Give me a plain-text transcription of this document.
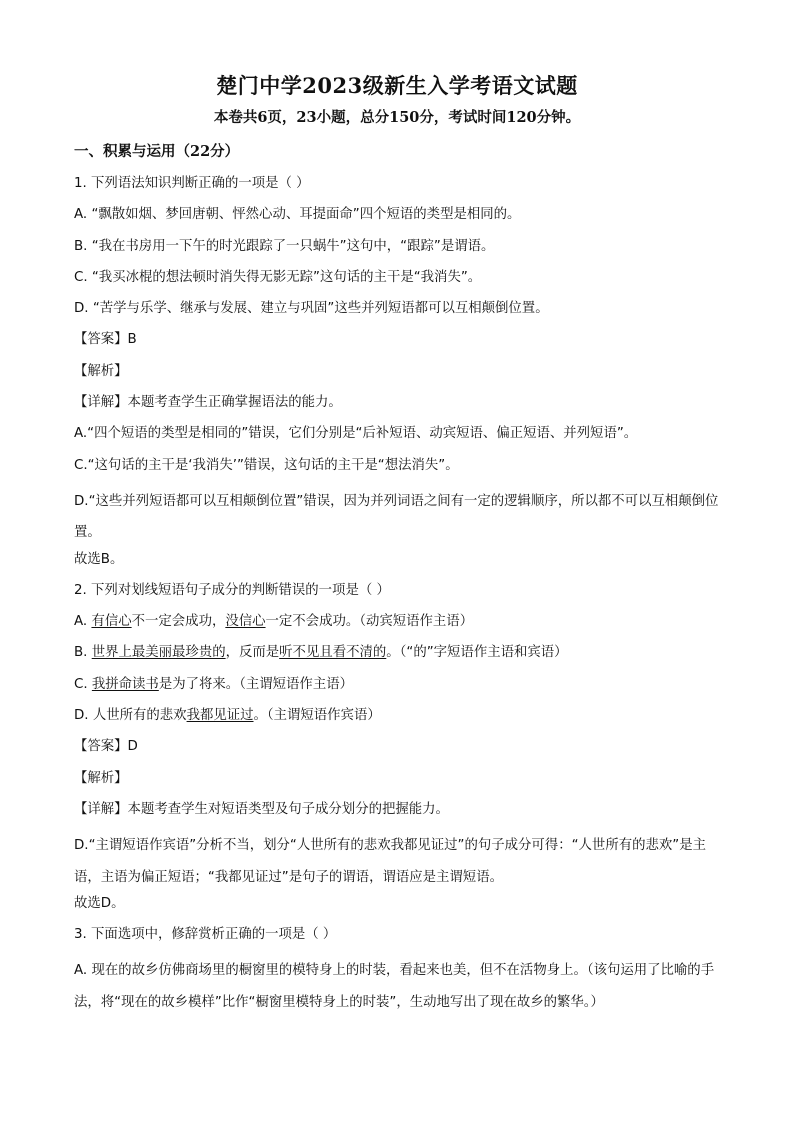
楚门中学2023级新生入学考语文试题
本卷共6页，23小题，总分150分，考试时间120分钟。
一、积累与运用（22分）
1. 下列语法知识判断正确的一项是（ ）
A. “飘散如烟、梦回唐朝、怦然心动、耳提面命”四个短语的类型是相同的。
B. “我在书房用一下午的时光跟踪了一只蜗牛”这句中，“跟踪”是谓语。
C. “我买冰棍的想法顿时消失得无影无踪”这句话的主干是“我消失”。
D. “苦学与乐学、继承与发展、建立与巩固”这些并列短语都可以互相颠倒位置。
【答案】B
【解析】
【详解】本题考查学生正确掌握语法的能力。
A.“四个短语的类型是相同的”错误，它们分别是“后补短语、动宾短语、偏正短语、并列短语”。
C.“这句话的主干是‘我消失’”错误，这句话的主干是“想法消失”。
D.“这些并列短语都可以互相颠倒位置”错误，因为并列词语之间有一定的逻辑顺序，所以都不可以互相颠倒位置。
故选B。
2. 下列对划线短语句子成分的判断错误的一项是（ ）
A. 有信心不一定会成功，没信心一定不会成功。（动宾短语作主语）
B. 世界上最美丽最珍贵的，反而是听不见且看不清的。（“的”字短语作主语和宾语）
C. 我拼命读书是为了将来。（主谓短语作主语）
D. 人世所有的悲欢我都见证过。（主谓短语作宾语）
【答案】D
【解析】
【详解】本题考查学生对短语类型及句子成分划分的把握能力。
D.“主谓短语作宾语”分析不当，划分“人世所有的悲欢我都见证过”的句子成分可得：“人世所有的悲欢”是主语，主语为偏正短语；“我都见证过”是句子的谓语，谓语应是主谓短语。
故选D。
3. 下面选项中，修辞赏析正确的一项是（ ）
A. 现在的故乡仿佛商场里的橱窗里的模特身上的时装，看起来也美，但不在活物身上。（该句运用了比喻的手法，将“现在的故乡模样”比作“橱窗里模特身上的时装”，生动地写出了现在故乡的繁华。）
